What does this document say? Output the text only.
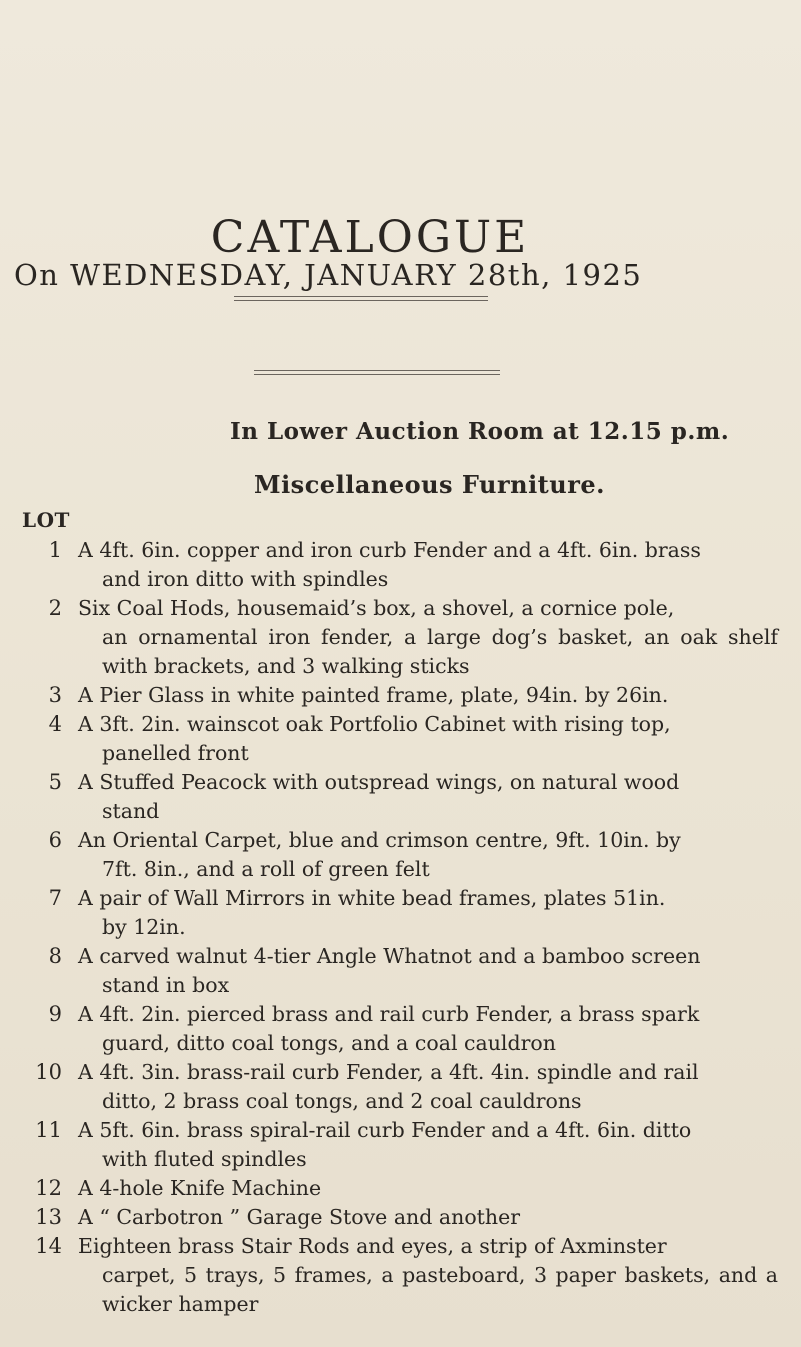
CATALOGUE
On WEDNESDAY, JANUARY 28th, 1925
In Lower Auction Room at 12.15 p.m.
Miscellaneous Furniture.
LOT
1 A 4ft. 6in. copper and iron curb Fender and a 4ft. 6in. brass
and iron ditto with spindles
2 Six Coal Hods, housemaid’s box, a shovel, a cornice pole,
an ornamental iron fender, a large dog’s basket, an oak shelf with brackets, and 3 walking sticks
3 A Pier Glass in white painted frame, plate, 94in. by 26in.
4 A 3ft. 2in. wainscot oak Portfolio Cabinet with rising top,
panelled front
5 A Stuffed Peacock with outspread wings, on natural wood
stand
6 An Oriental Carpet, blue and crimson centre, 9ft. 10in. by
7ft. 8in., and a roll of green felt
7 A pair of Wall Mirrors in white bead frames, plates 51in.
by 12in.
8 A carved walnut 4-tier Angle Whatnot and a bamboo screen
stand in box
9 A 4ft. 2in. pierced brass and rail curb Fender, a brass spark
guard, ditto coal tongs, and a coal cauldron
10 A 4ft. 3in. brass-rail curb Fender, a 4ft. 4in. spindle and rail
ditto, 2 brass coal tongs, and 2 coal cauldrons
11 A 5ft. 6in. brass spiral-rail curb Fender and a 4ft. 6in. ditto
with fluted spindles
12 A 4-hole Knife Machine
13 A “ Carbotron ” Garage Stove and another
14 Eighteen brass Stair Rods and eyes, a strip of Axminster
carpet, 5 trays, 5 frames, a pasteboard, 3 paper baskets, and a wicker hamper
